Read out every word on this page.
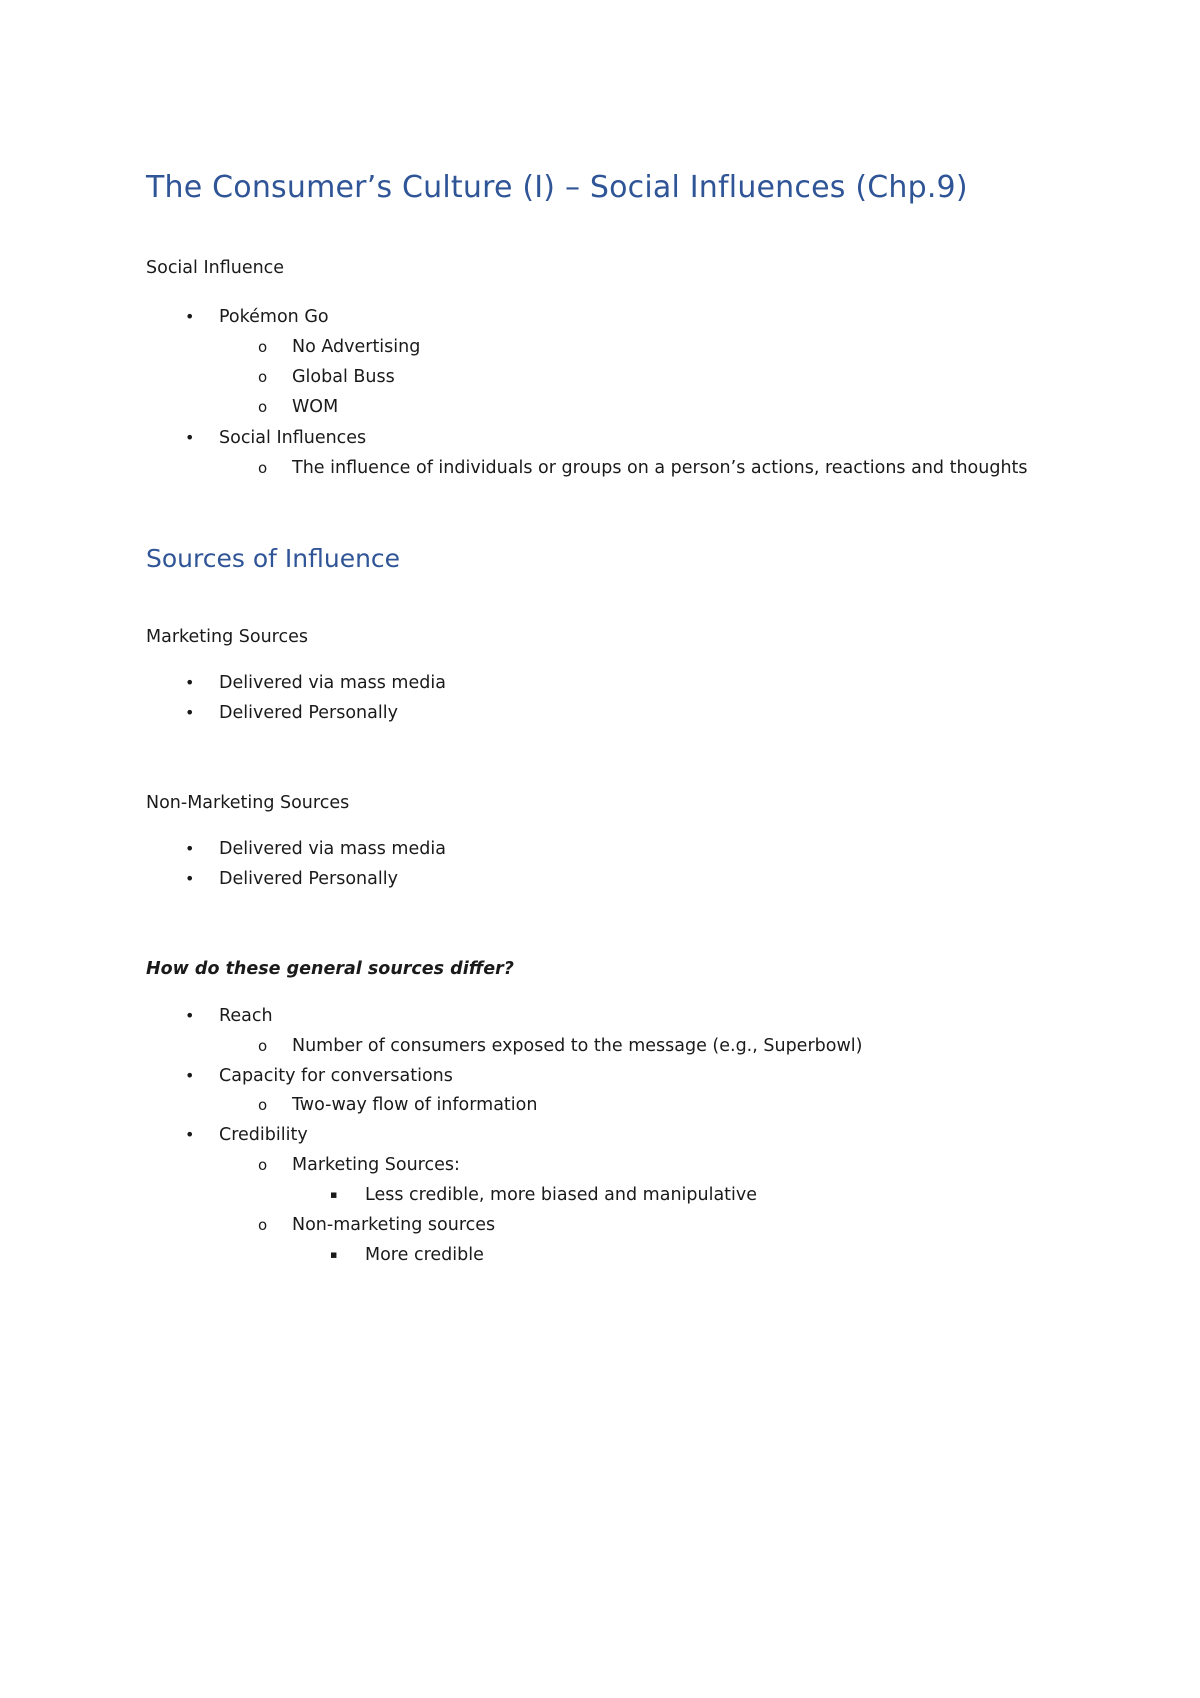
The Consumer’s Culture (I) – Social Influences (Chp.9)
Social Influence
• Pokémon Go
o No Advertising
o Global Buss
o WOM
• Social Influences
o The influence of individuals or groups on a person’s actions, reactions and thoughts
Sources of Influence
Marketing Sources
• Delivered via mass media
• Delivered Personally
Non-Marketing Sources
• Delivered via mass media
• Delivered Personally
How do these general sources differ?
• Reach
o Number of consumers exposed to the message (e.g., Superbowl)
• Capacity for conversations
o Two-way flow of information
• Credibility
o Marketing Sources:
▪ Less credible, more biased and manipulative
o Non-marketing sources
▪ More credible
